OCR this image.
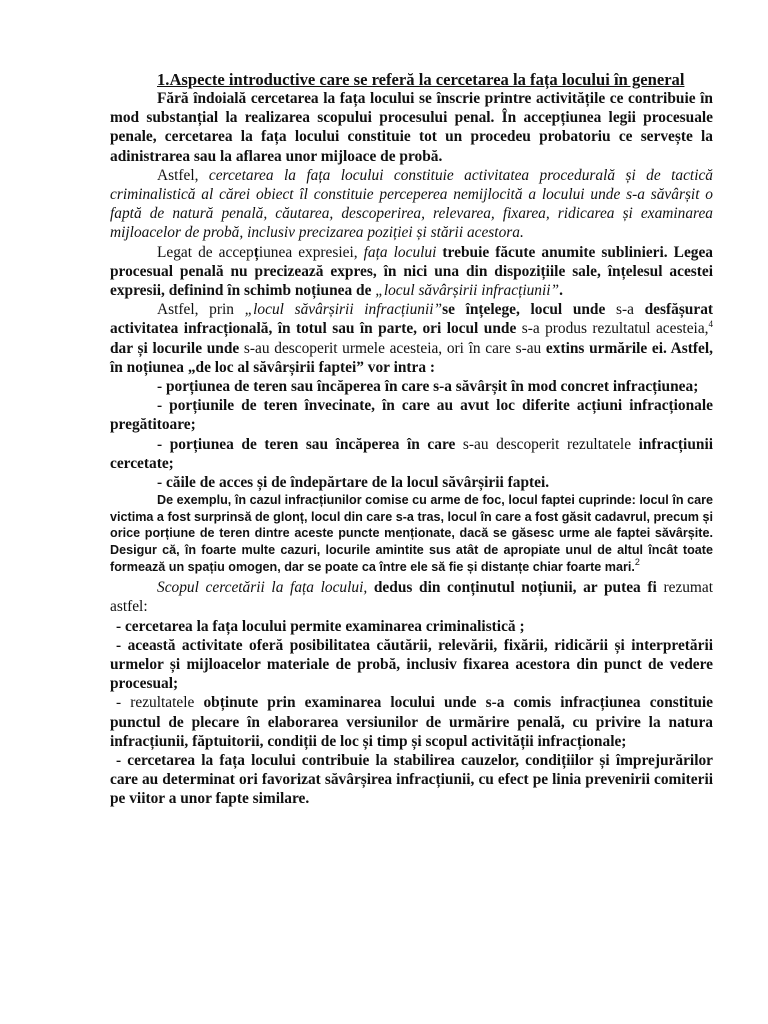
1.Aspecte introductive care se referă la cercetarea la fața locului în general

Fără îndoială cercetarea la fața locului se înscrie printre activitățile ce contribuie în mod substanțial la realizarea scopului procesului penal. În accepțiunea legii procesuale penale, cercetarea la fața locului constituie tot un procedeu probatoriu ce servește la adinistrarea sau la aflarea unor mijloace de probă.

Astfel, cercetarea la fața locului constituie activitatea procedurală și de tactică criminalistică al cărei obiect îl constituie perceperea nemijlocită a locului unde s-a săvârșit o faptă de natură penală, căutarea, descoperirea, relevarea, fixarea, ridicarea și examinarea mijloacelor de probă, inclusiv precizarea poziției și stării acestora.

Legat de accepțiunea expresiei, fața locului trebuie făcute anumite sublinieri. Legea procesual penală nu precizează expres, în nici una din dispozițiile sale, înțelesul acestei expresii, definind în schimb noțiunea de „locul săvârșirii infracțiunii”.

Astfel, prin „locul săvârșirii infracțiunii”se înțelege, locul unde s-a desfășurat activitatea infracțională, în totul sau în parte, ori locul unde s-a produs rezultatul acesteia,$^4$ dar și locurile unde s-au descoperit urmele acesteia, ori în care s-au extins urmările ei. Astfel, în noțiunea „de loc al săvârșirii faptei” vor intra :

- porțiunea de teren sau încăperea în care s-a săvârșit în mod concret infracțiunea;

- porțiunile de teren învecinate, în care au avut loc diferite acțiuni infracționale pregătitoare;

- porțiunea de teren sau încăperea în care s-au descoperit rezultatele infracțiunii cercetate;

- căile de acces și de îndepărtare de la locul săvârșirii faptei.

De exemplu, în cazul infracțiunilor comise cu arme de foc, locul faptei cuprinde: locul în care victima a fost surprinsă de glonț, locul din care s-a tras, locul în care a fost găsit cadavrul, precum și orice porțiune de teren dintre aceste puncte menționate, dacă se găsesc urme ale faptei săvârșite. Desigur că, în foarte multe cazuri, locurile amintite sus atât de apropiate unul de altul încât toate formează un spațiu omogen, dar se poate ca între ele să fie și distanțe chiar foarte mari.$^2$

Scopul cercetării la fața locului, dedus din conținutul noțiunii, ar putea fi rezumat astfel:

- cercetarea la fața locului permite examinarea criminalistică ;

- această activitate oferă posibilitatea căutării, relevării, fixării, ridicării și interpretării urmelor și mijloacelor materiale de probă, inclusiv fixarea acestora din punct de vedere procesual;

- rezultatele obținute prin examinarea locului unde s-a comis infracțiunea constituie punctul de plecare în elaborarea versiunilor de urmărire penală, cu privire la natura infracțiunii, făptuitorii, condiții de loc și timp și scopul activității infracționale;

- cercetarea la fața locului contribuie la stabilirea cauzelor, condițiilor și împrejurărilor care au determinat ori favorizat săvârșirea infracțiunii, cu efect pe linia prevenirii comiterii pe viitor a unor fapte similare.
